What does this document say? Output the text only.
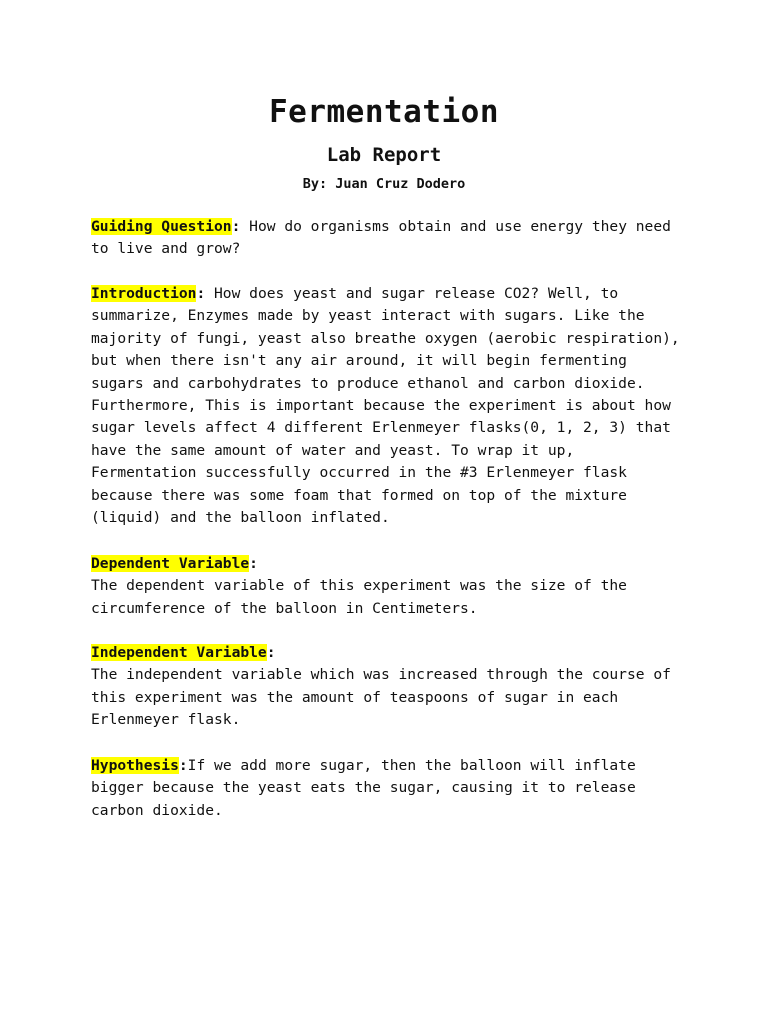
Fermentation
Lab Report
By: Juan Cruz Dodero
Guiding Question: How do organisms obtain and use energy they need to live and grow?
Introduction: How does yeast and sugar release CO2? Well, to summarize, Enzymes made by yeast interact with sugars. Like the majority of fungi, yeast also breathe oxygen (aerobic respiration), but when there isn't any air around, it will begin fermenting sugars and carbohydrates to produce ethanol and carbon dioxide. Furthermore, This is important because the experiment is about how sugar levels affect 4 different Erlenmeyer flasks(0, 1, 2, 3) that have the same amount of water and yeast. To wrap it up, Fermentation successfully occurred in the #3 Erlenmeyer flask because there was some foam that formed on top of the mixture (liquid) and the balloon inflated.
Dependent Variable:
The dependent variable of this experiment was the size of the circumference of the balloon in Centimeters.
Independent Variable:
The independent variable which was increased through the course of this experiment was the amount of teaspoons of sugar in each Erlenmeyer flask.
Hypothesis:If we add more sugar, then the balloon will inflate bigger because the yeast eats the sugar, causing it to release carbon dioxide.
